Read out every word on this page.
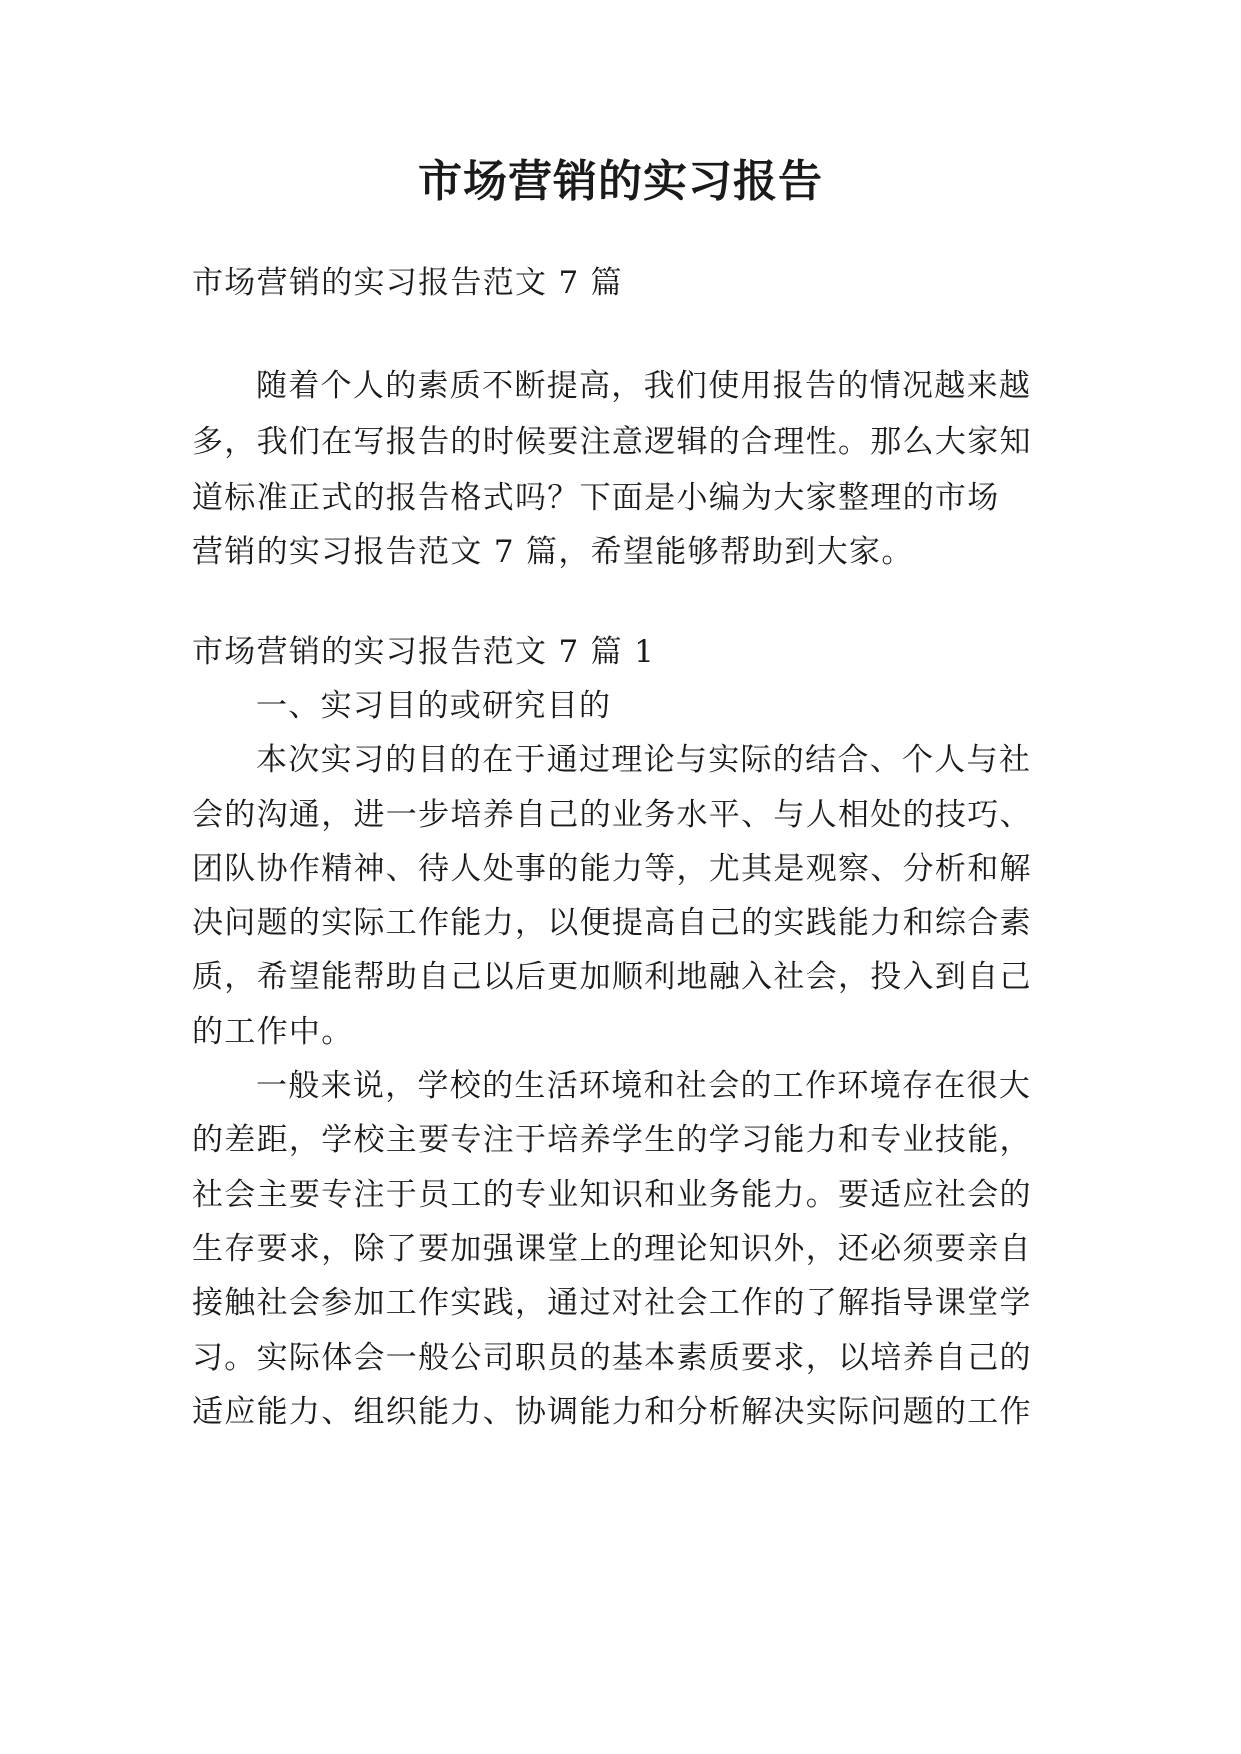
市场营销的实习报告
市场营销的实习报告范文 7 篇
随着个人的素质不断提高，我们使用报告的情况越来越
多，我们在写报告的时候要注意逻辑的合理性。那么大家知
道标准正式的报告格式吗？下面是小编为大家整理的市场
营销的实习报告范文 7 篇，希望能够帮助到大家。
市场营销的实习报告范文 7 篇 1
一、实习目的或研究目的
本次实习的目的在于通过理论与实际的结合、个人与社
会的沟通，进一步培养自己的业务水平、与人相处的技巧、
团队协作精神、待人处事的能力等，尤其是观察、分析和解
决问题的实际工作能力，以便提高自己的实践能力和综合素
质，希望能帮助自己以后更加顺利地融入社会，投入到自己
的工作中。
一般来说，学校的生活环境和社会的工作环境存在很大
的差距，学校主要专注于培养学生的学习能力和专业技能，
社会主要专注于员工的专业知识和业务能力。要适应社会的
生存要求，除了要加强课堂上的理论知识外，还必须要亲自
接触社会参加工作实践，通过对社会工作的了解指导课堂学
习。实际体会一般公司职员的基本素质要求，以培养自己的
适应能力、组织能力、协调能力和分析解决实际问题的工作
